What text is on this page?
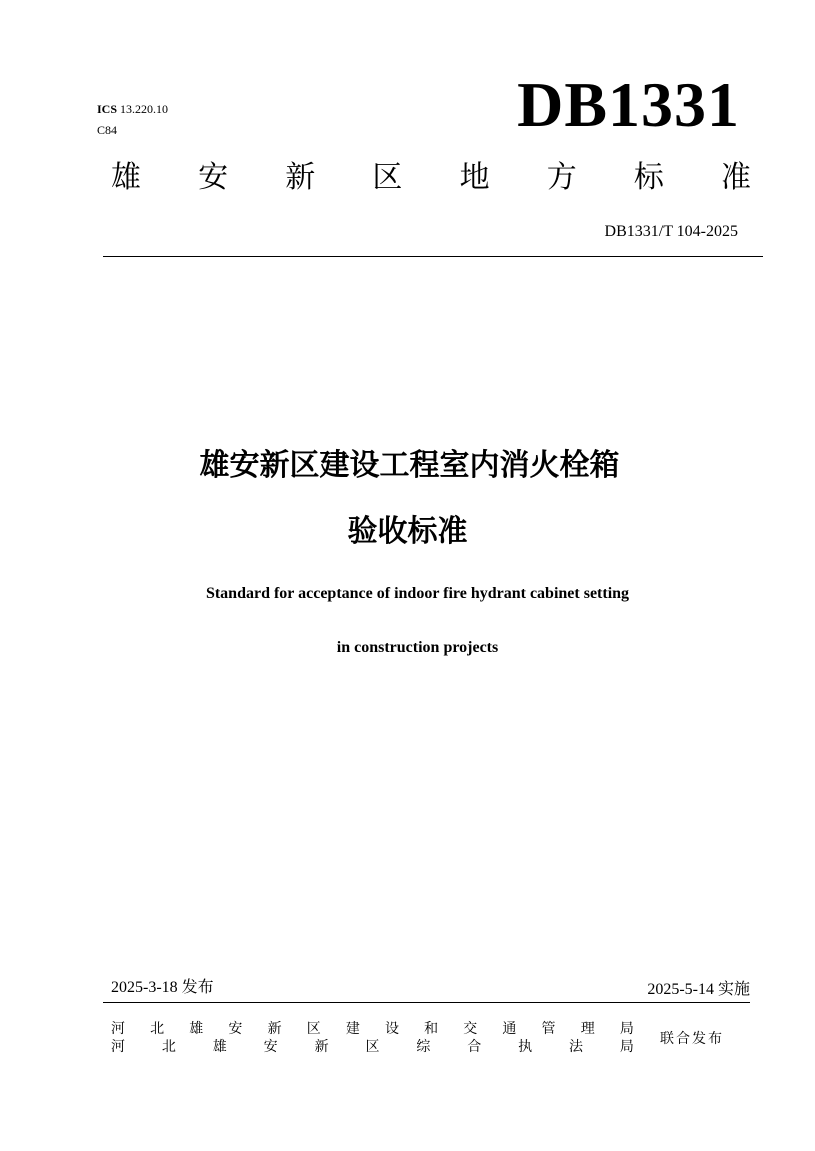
ICS 13.220.10
C84	DB1331
雄 安 新 区 地 方 标 准
DB1331/T 104-2025
雄安新区建设工程室内消火栓箱
验收标准
Standard for acceptance of indoor fire hydrant cabinet setting
in construction projects
2025-3-18 发布	2025-5-14 实施
河 北 雄 安 新 区 建 设 和 交 通 管 理 局
河	北	雄	安	新	区	综	合	执	法	局 联合发布
